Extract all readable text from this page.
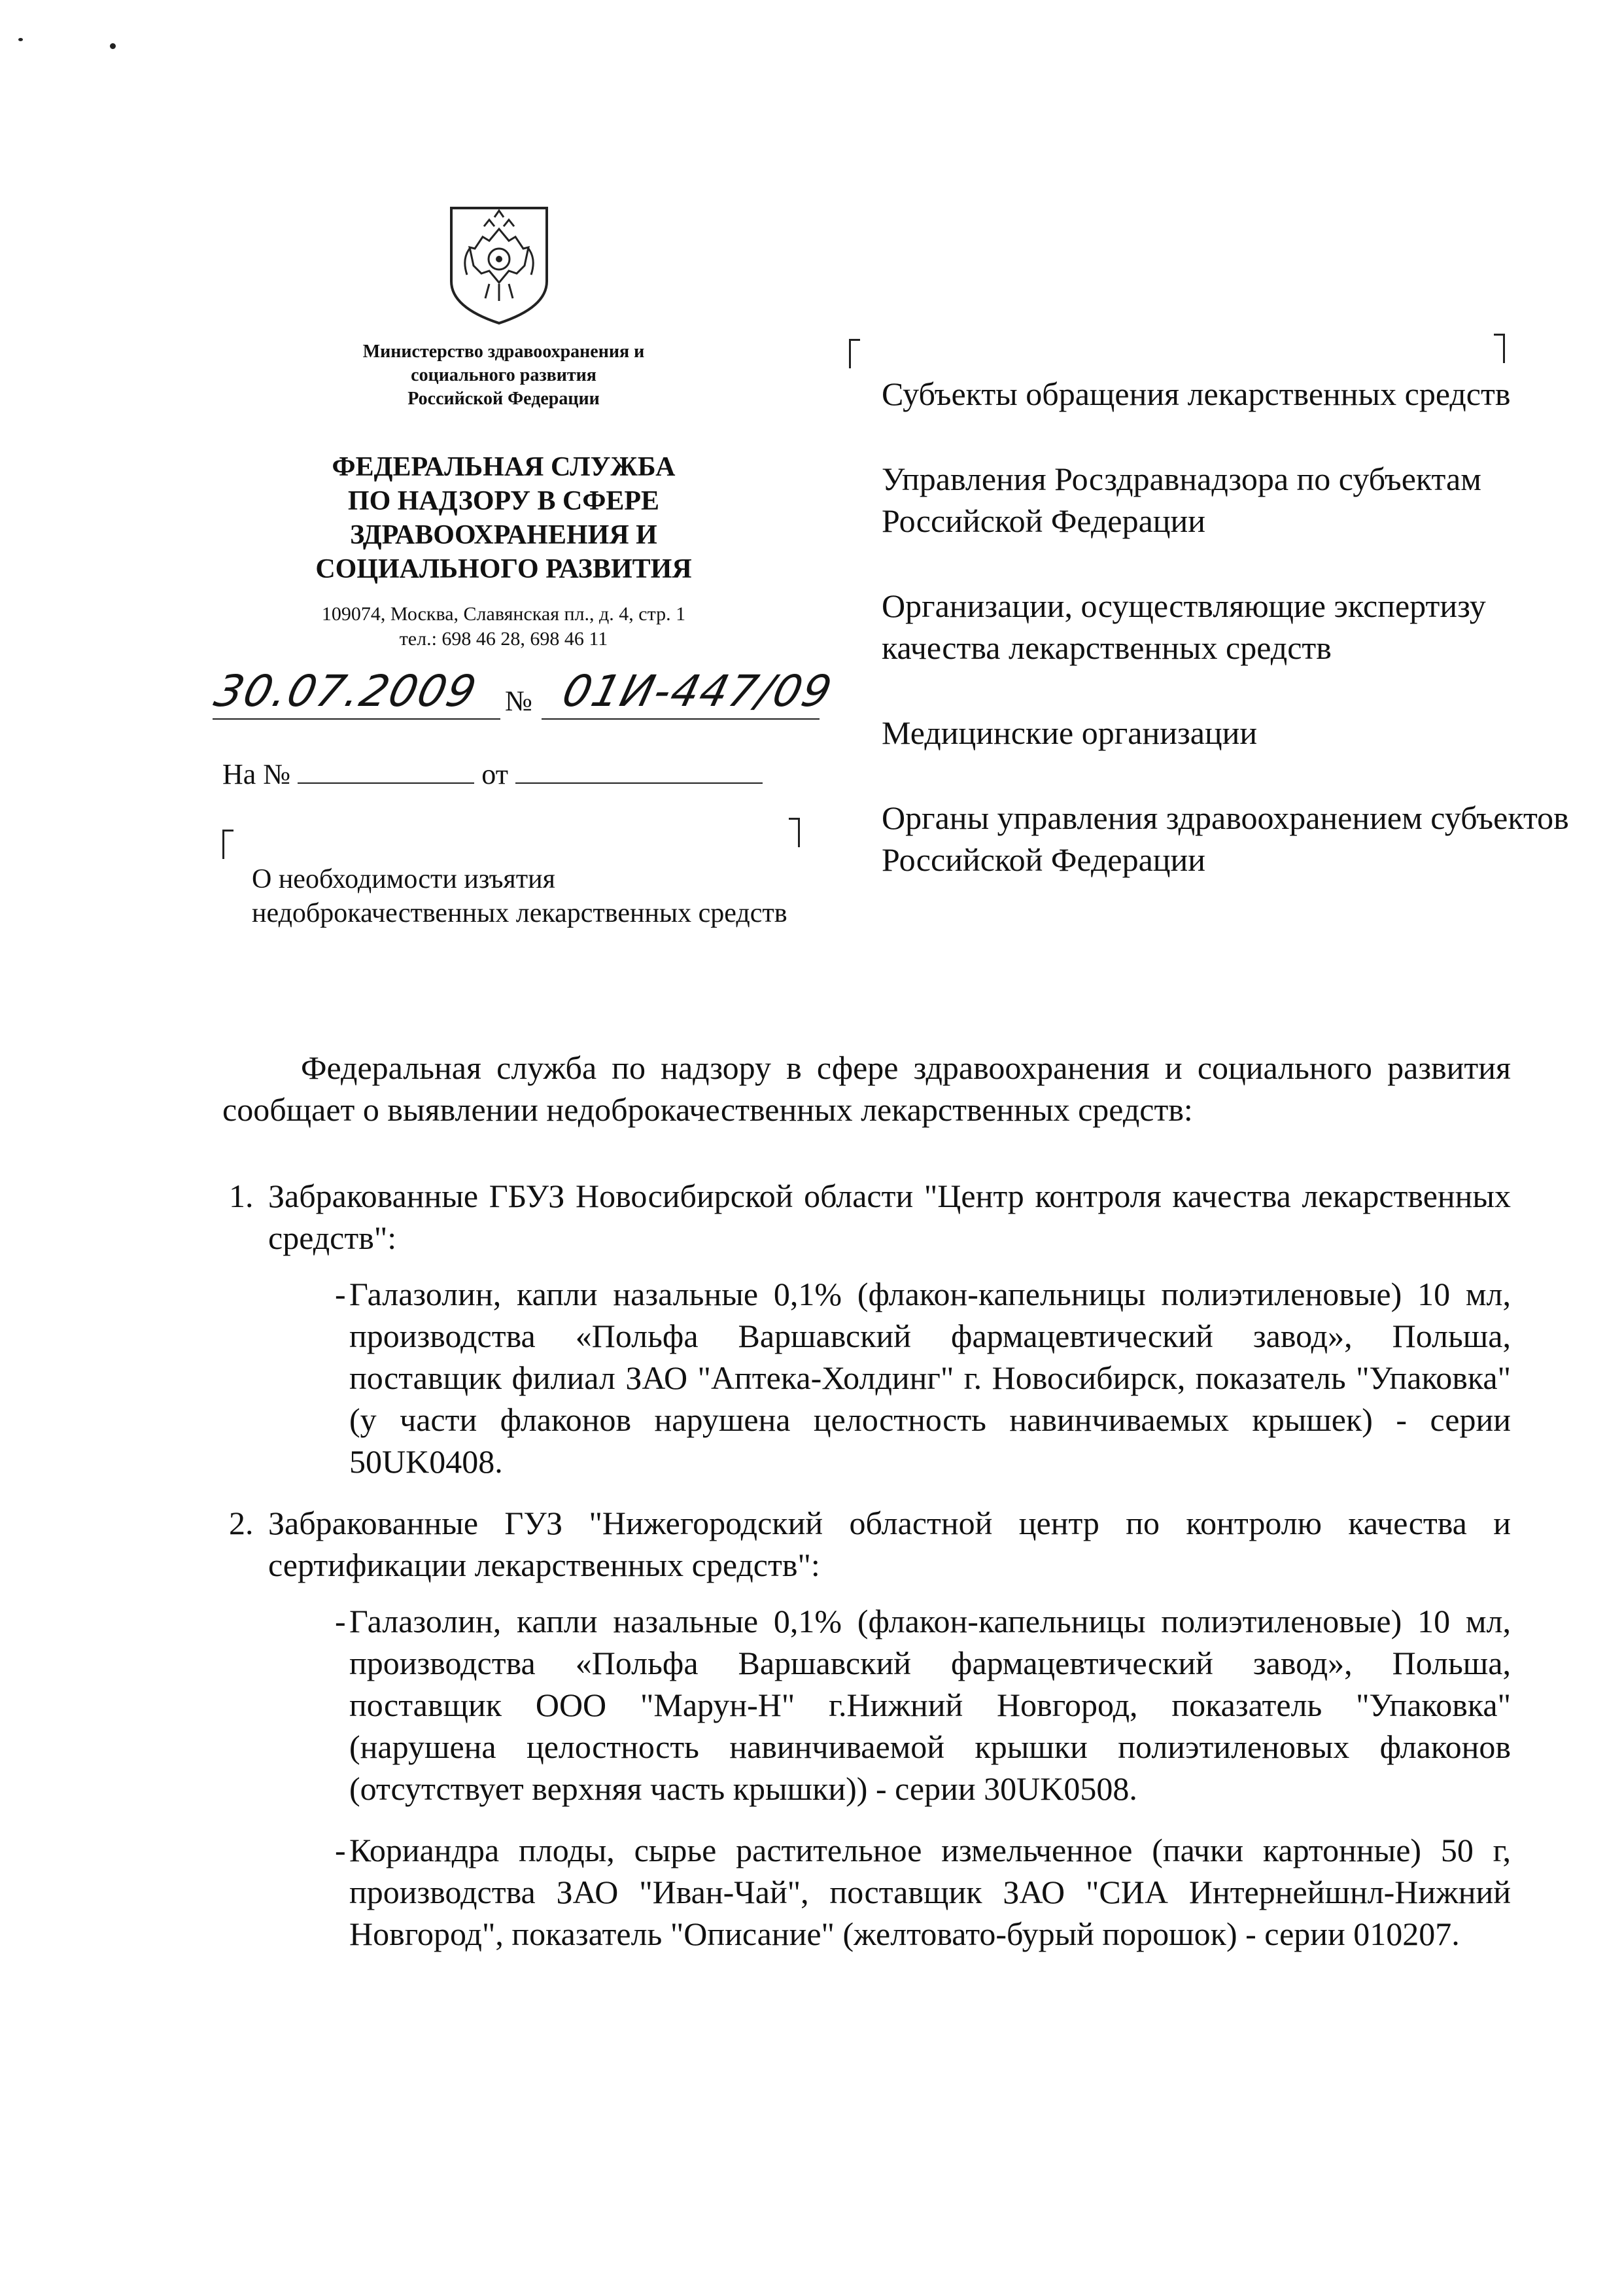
Министерство здравоохранения и
социального развития
Российской Федерации
ФЕДЕРАЛЬНАЯ СЛУЖБА
ПО НАДЗОРУ В СФЕРЕ
ЗДРАВООХРАНЕНИЯ И
СОЦИАЛЬНОГО РАЗВИТИЯ
109074, Москва, Славянская пл., д. 4, стр. 1
тел.: 698 46 28, 698 46 11
30.07.2009 № 01И-447/09
На №	от
О необходимости изъятия недоброкачественных лекарственных средств
Субъекты обращения лекарственных средств
Управления Росздравнадзора по субъектам Российской Федерации
Организации, осуществляющие экспертизу качества лекарственных средств
Медицинские организации
Органы управления здравоохранением субъектов Российской Федерации

Федеральная служба по надзору в сфере здравоохранения и социального развития сообщает о выявлении недоброкачественных лекарственных средств:

1. Забракованные ГБУЗ Новосибирской области "Центр контроля качества лекарственных средств":
- Галазолин, капли назальные 0,1% (флакон-капельницы полиэтиленовые) 10 мл, производства «Польфа Варшавский фармацевтический завод», Польша, поставщик филиал ЗАО "Аптека-Холдинг" г. Новосибирск, показатель "Упаковка" (у части флаконов нарушена целостность навинчиваемых крышек) - серии 50UK0408.
2. Забракованные ГУЗ "Нижегородский областной центр по контролю качества и сертификации лекарственных средств":
- Галазолин, капли назальные 0,1% (флакон-капельницы полиэтиленовые) 10 мл, производства «Польфа Варшавский фармацевтический завод», Польша, поставщик ООО "Марун-Н" г.Нижний Новгород, показатель "Упаковка" (нарушена целостность навинчиваемой крышки полиэтиленовых флаконов (отсутствует верхняя часть крышки)) - серии 30UK0508.
- Кориандра плоды, сырье растительное измельченное (пачки картонные) 50 г, производства ЗАО "Иван-Чай", поставщик ЗАО "СИА Интернейшнл-Нижний Новгород", показатель "Описание" (желтовато-бурый порошок) - серии 010207.
